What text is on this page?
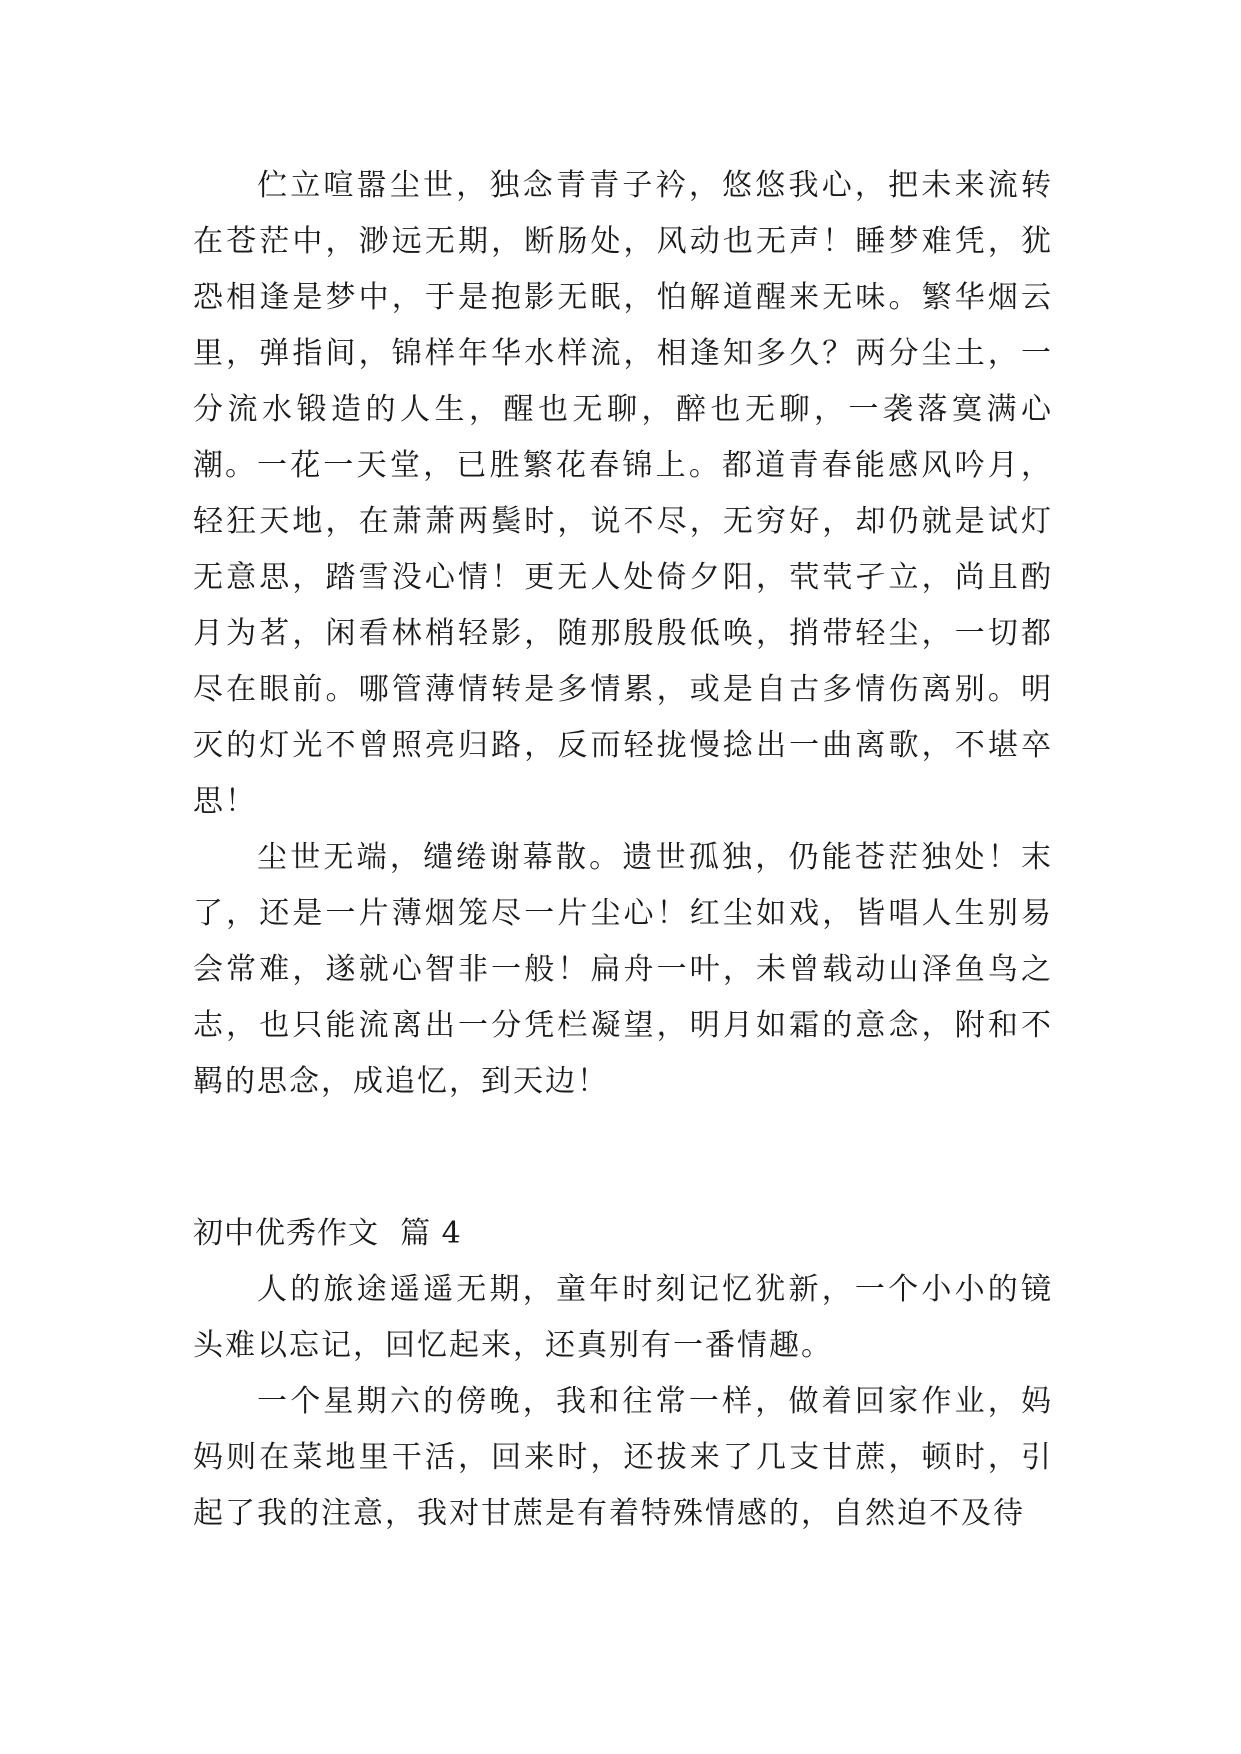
伫立喧嚣尘世，独念青青子衿，悠悠我心，把未来流转在苍茫中，渺远无期，断肠处，风动也无声！睡梦难凭，犹恐相逢是梦中，于是抱影无眠，怕解道醒来无味。繁华烟云里，弹指间，锦样年华水样流，相逢知多久？两分尘土，一分流水锻造的人生，醒也无聊，醉也无聊，一袭落寞满心潮。 一花一天堂，已胜繁花春锦上。都道青春能感风吟月，轻狂天地，在萧萧两鬓时，说不尽，无穷好，却仍就是试灯无意思，踏雪没心情！更无人处倚夕阳，茕茕孑立，尚且酌月为茗，闲看林梢轻影，随那殷殷低唤，捎带轻尘，一切都尽在眼前。哪管薄情转是多情累，或是自古多情伤离别。明灭的灯光不曾照亮归路，反而轻拢慢捻出一曲离歌，不堪卒思！

尘世无端，缱绻谢幕散。遗世孤独，仍能苍茫独处！末了，还是一片薄烟笼尽一片尘心！红尘如戏，皆唱人生别易会常难，遂就心智非一般！扁舟一叶，未曾载动山泽鱼鸟之志，也只能流离出一分凭栏凝望，明月如霜的意念，附和不羁的思念，成追忆，到天边！

初中优秀作文  篇 4

人的旅途遥遥无期，童年时刻记忆犹新，一个小小的镜头难以忘记，回忆起来，还真别有一番情趣。

一个星期六的傍晚，我和往常一样，做着回家作业，妈妈则在菜地里干活，回来时，还拔来了几支甘蔗，顿时，引起了我的注意，我对甘蔗是有着特殊情感的，自然迫不及待
